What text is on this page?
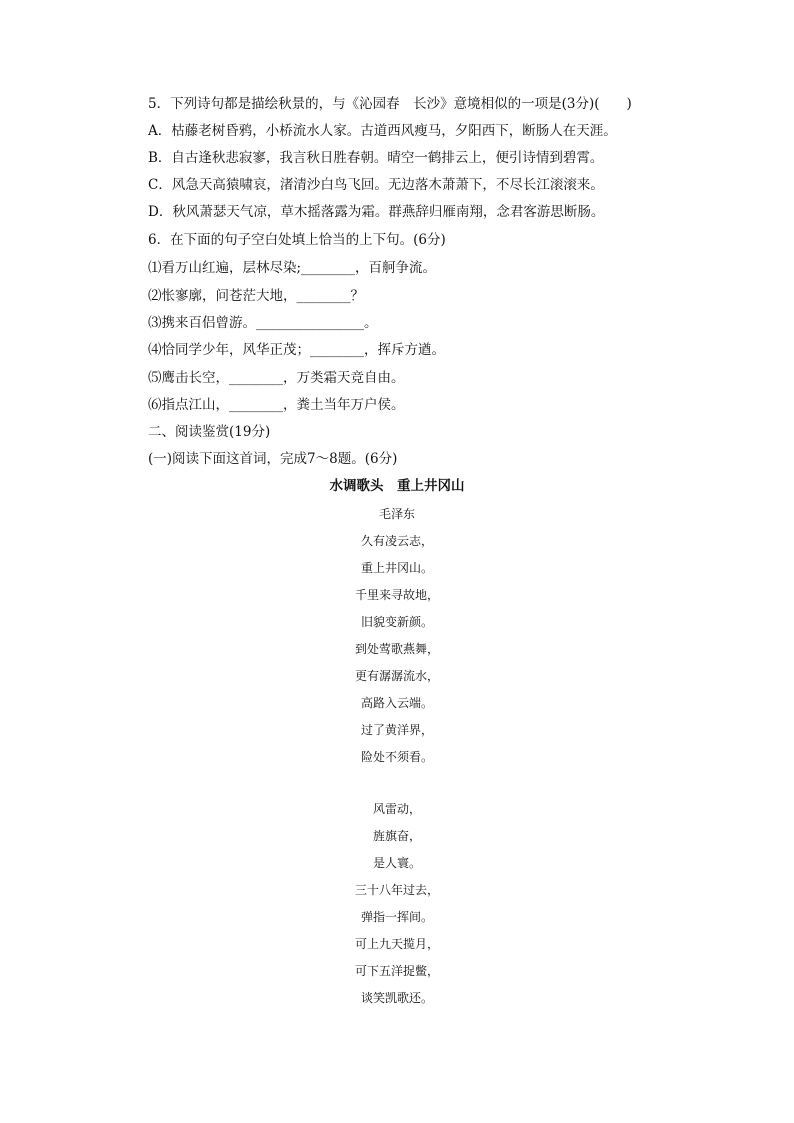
5．下列诗句都是描绘秋景的，与《沁园春　长沙》意境相似的一项是(3分)(　　)
A．枯藤老树昏鸦，小桥流水人家。古道西风瘦马，夕阳西下，断肠人在天涯。
B．自古逢秋悲寂寥，我言秋日胜春朝。晴空一鹤排云上，便引诗情到碧霄。
C．风急天高猿啸哀，渚清沙白鸟飞回。无边落木萧萧下，不尽长江滚滚来。
D．秋风萧瑟天气凉，草木摇落露为霜。群燕辞归雁南翔，念君客游思断肠。
6．在下面的句子空白处填上恰当的上下句。(6分)
⑴看万山红遍，层林尽染;________，百舸争流。
⑵怅寥廓，问苍茫大地，________？
⑶携来百侣曾游。________________。
⑷恰同学少年，风华正茂；________，挥斥方遒。
⑸鹰击长空，________，万类霜天竞自由。
⑹指点江山，________，粪土当年万户侯。
二、阅读鉴赏(19分)
(一)阅读下面这首词，完成7～8题。(6分)
水调歌头　重上井冈山
毛泽东
久有凌云志，
重上井冈山。
千里来寻故地，
旧貌变新颜。
到处莺歌燕舞，
更有潺潺流水，
高路入云端。
过了黄洋界，
险处不须看。
风雷动，
旌旗奋，
是人寰。
三十八年过去，
弹指一挥间。
可上九天揽月，
可下五洋捉鳖，
谈笑凯歌还。
